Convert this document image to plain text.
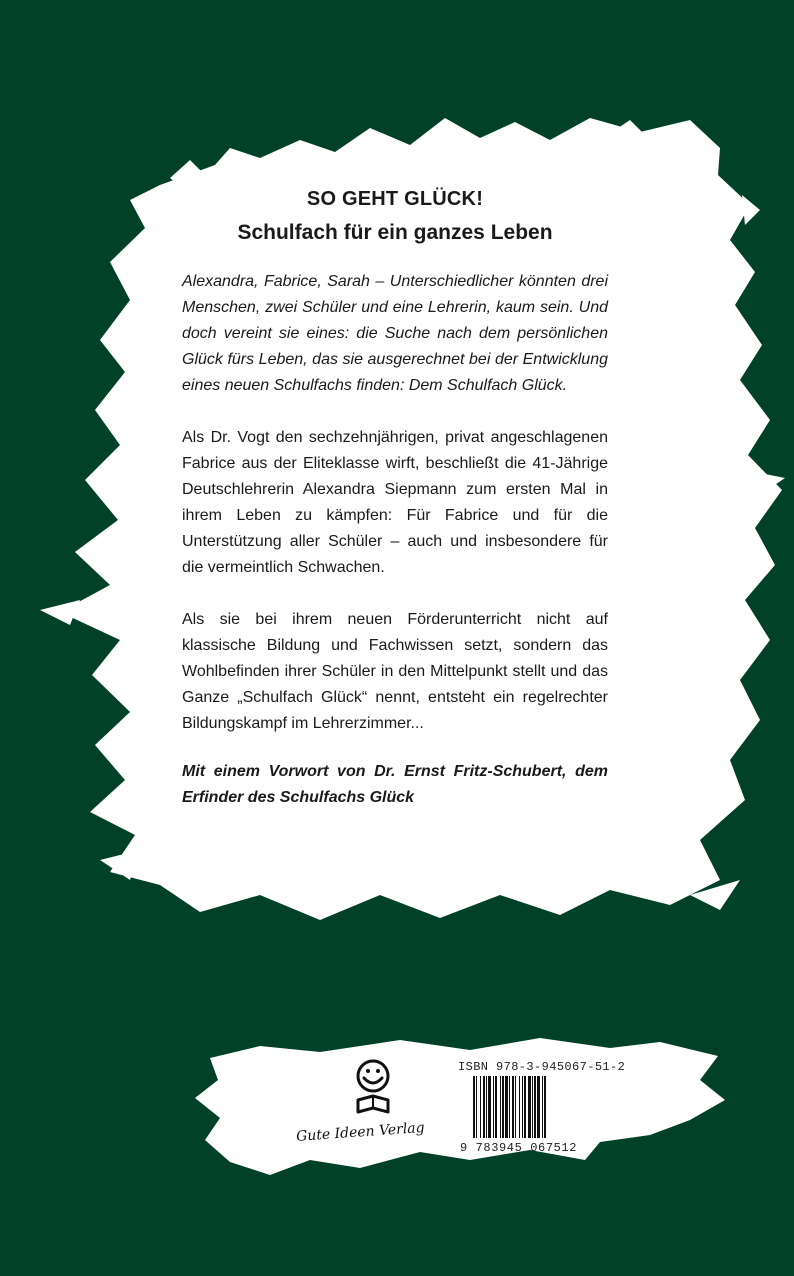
SO GEHT GLÜCK!
Schulfach für ein ganzes Leben

Alexandra, Fabrice, Sarah – Unterschiedlicher könnten drei Menschen, zwei Schüler und eine Lehrerin, kaum sein. Und doch vereint sie eines: die Suche nach dem persönlichen Glück fürs Leben, das sie ausgerechnet bei der Entwicklung eines neuen Schulfachs finden: Dem Schulfach Glück.

Als Dr. Vogt den sechzehnjährigen, privat angeschlagenen Fabrice aus der Eliteklasse wirft, beschließt die 41-Jährige Deutschlehrerin Alexandra Siepmann zum ersten Mal in ihrem Leben zu kämpfen: Für Fabrice und für die Unterstützung aller Schüler – auch und insbesondere für die vermeintlich Schwachen.

Als sie bei ihrem neuen Förderunterricht nicht auf klassische Bildung und Fachwissen setzt, sondern das Wohlbefinden ihrer Schüler in den Mittelpunkt stellt und das Ganze „Schulfach Glück“ nennt, entsteht ein regelrechter Bildungskampf im Lehrerzimmer...

Mit einem Vorwort von Dr. Ernst Fritz-Schubert, dem Erfinder des Schulfachs Glück

Gute Ideen Verlag
ISBN 978-3-945067-51-2
9 783945 067512
